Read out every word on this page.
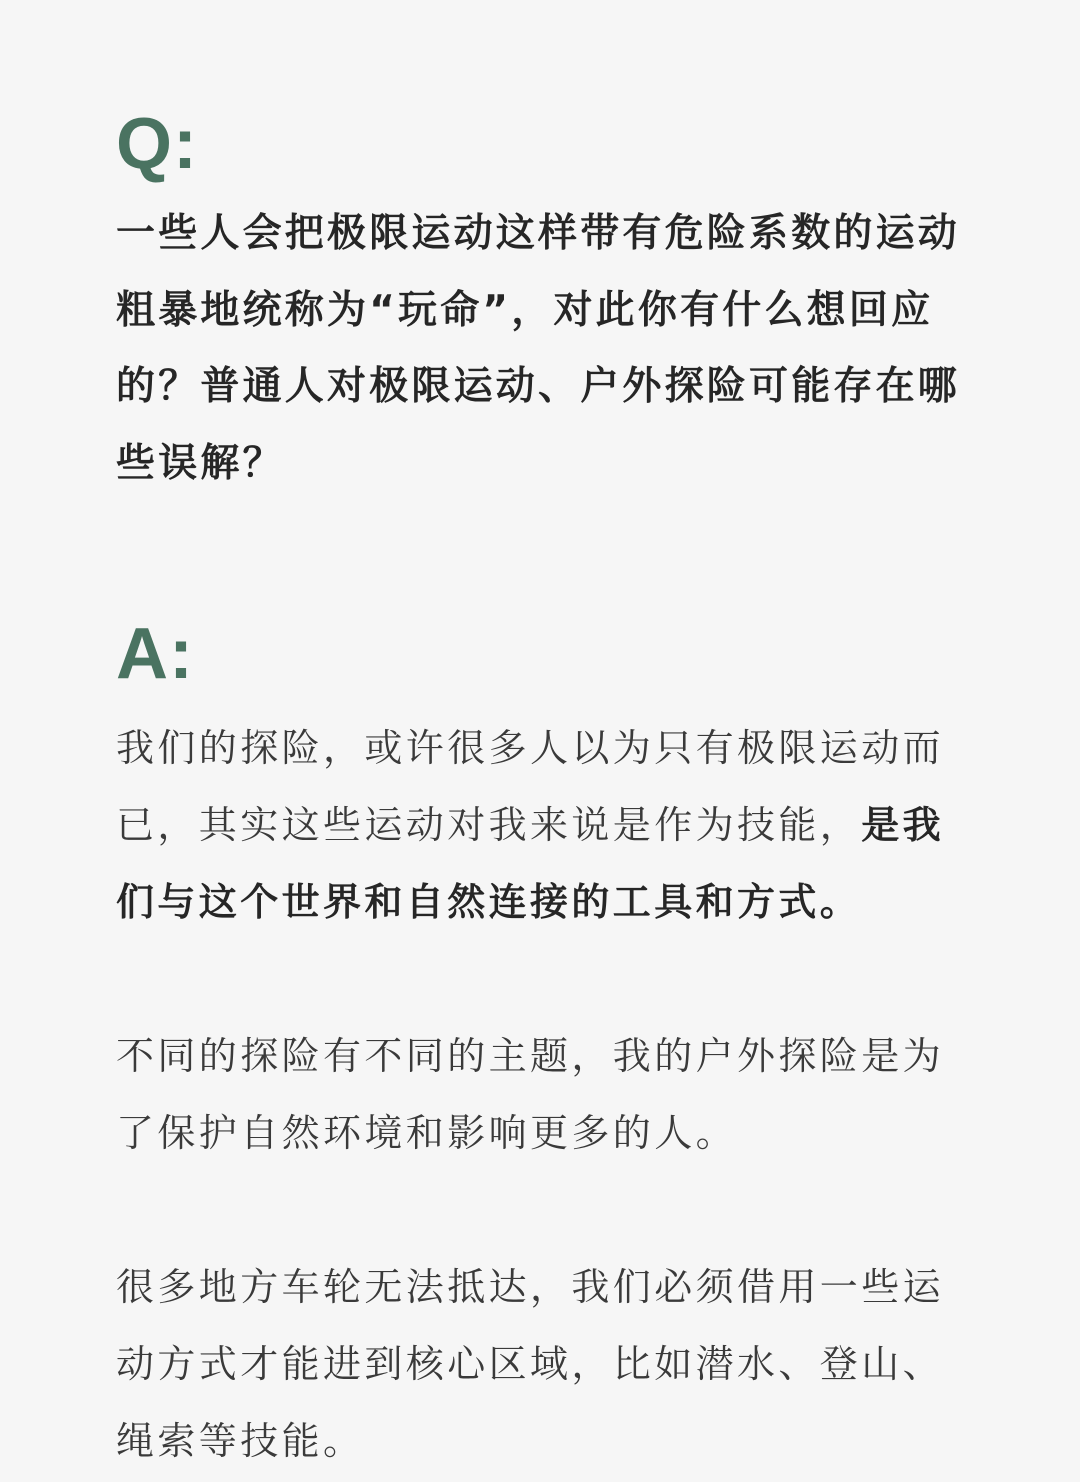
Q:
一些人会把极限运动这样带有危险系数的运动粗暴地统称为“玩命”，对此你有什么想回应的？普通人对极限运动、户外探险可能存在哪些误解？
A:
我们的探险，或许很多人以为只有极限运动而已，其实这些运动对我来说是作为技能，是我们与这个世界和自然连接的工具和方式。
不同的探险有不同的主题，我的户外探险是为了保护自然环境和影响更多的人。
很多地方车轮无法抵达，我们必须借用一些运动方式才能进到核心区域，比如潜水、登山、绳索等技能。
